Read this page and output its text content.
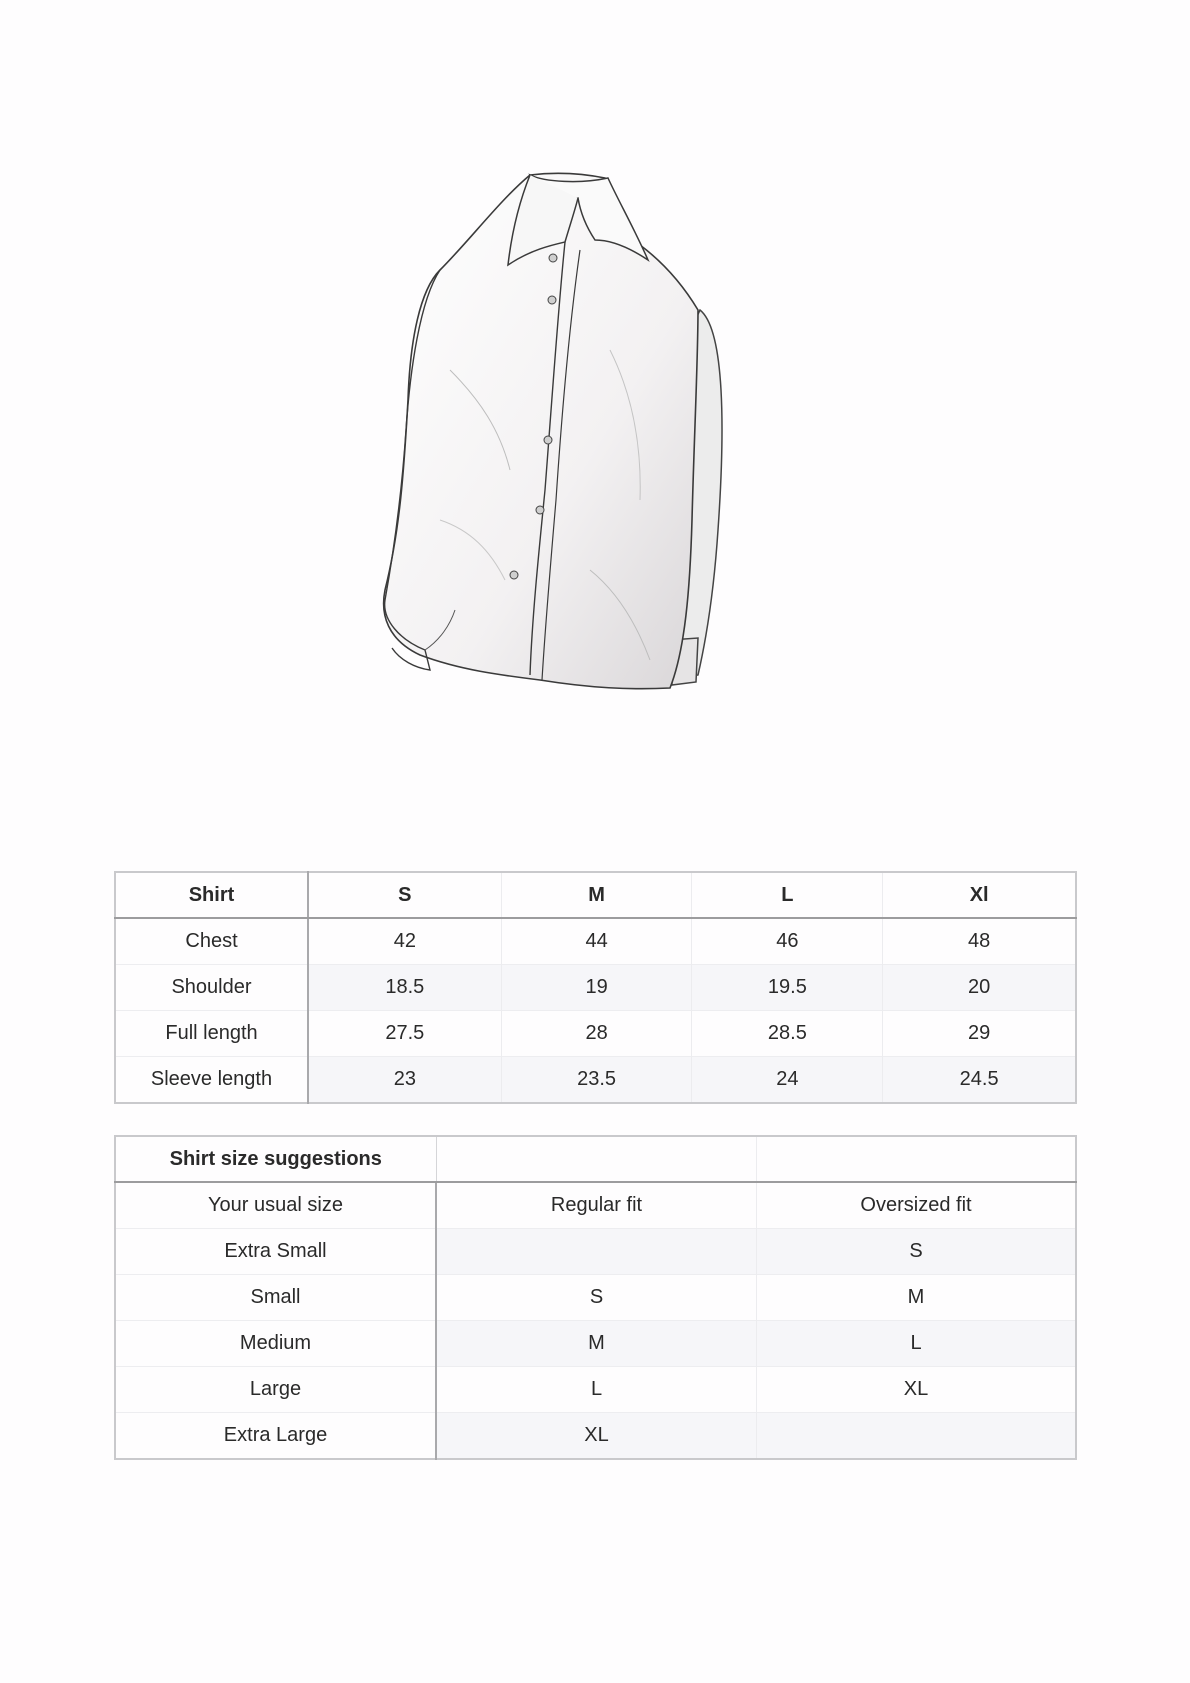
Shirt	S	M	L	Xl
Chest	42	44	46	48
Shoulder	18.5	19	19.5	20
Full length	27.5	28	28.5	29
Sleeve length	23	23.5	24	24.5
Shirt size suggestions		
Your usual size	Regular fit	Oversized fit
Extra Small		S
Small	S	M
Medium	M	L
Large	L	XL
Extra Large	XL	
